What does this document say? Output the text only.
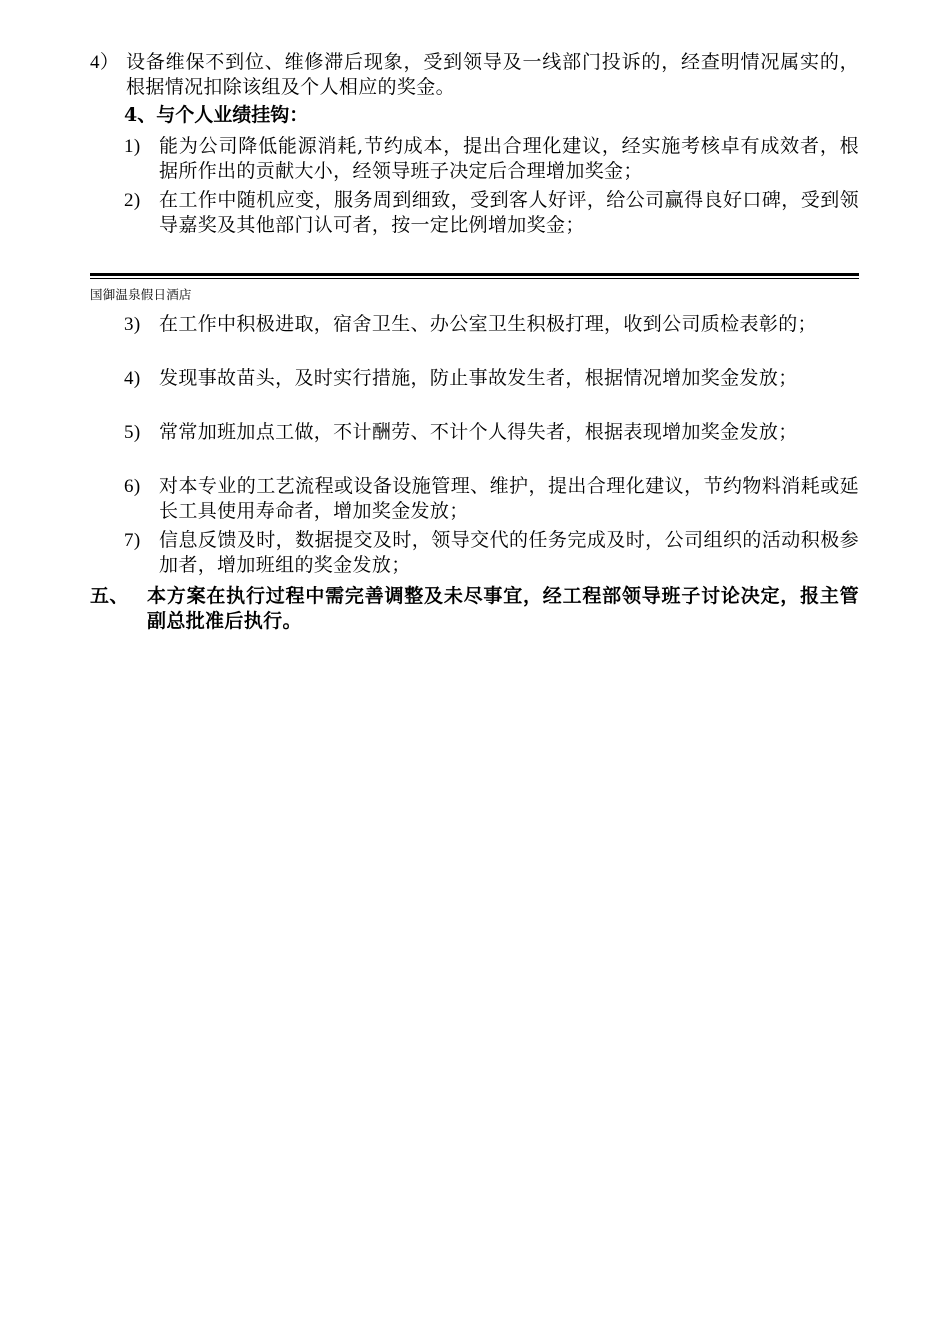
4） 设备维保不到位、维修滞后现象，受到领导及一线部门投诉的，经查明情况属实的，根据情况扣除该组及个人相应的奖金。
4、与个人业绩挂钩：
1) 能为公司降低能源消耗,节约成本，提出合理化建议，经实施考核卓有成效者，根据所作出的贡献大小，经领导班子决定后合理增加奖金；
2) 在工作中随机应变，服务周到细致，受到客人好评，给公司赢得良好口碑，受到领导嘉奖及其他部门认可者，按一定比例增加奖金；
国御温泉假日酒店
3) 在工作中积极进取，宿舍卫生、办公室卫生积极打理，收到公司质检表彰的；
4) 发现事故苗头，及时实行措施，防止事故发生者，根据情况增加奖金发放；
5) 常常加班加点工做，不计酬劳、不计个人得失者，根据表现增加奖金发放；
6) 对本专业的工艺流程或设备设施管理、维护，提出合理化建议，节约物料消耗或延长工具使用寿命者，增加奖金发放；
7) 信息反馈及时，数据提交及时，领导交代的任务完成及时，公司组织的活动积极参加者，增加班组的奖金发放；
五、 本方案在执行过程中需完善调整及未尽事宜，经工程部领导班子讨论决定，报主管副总批准后执行。
